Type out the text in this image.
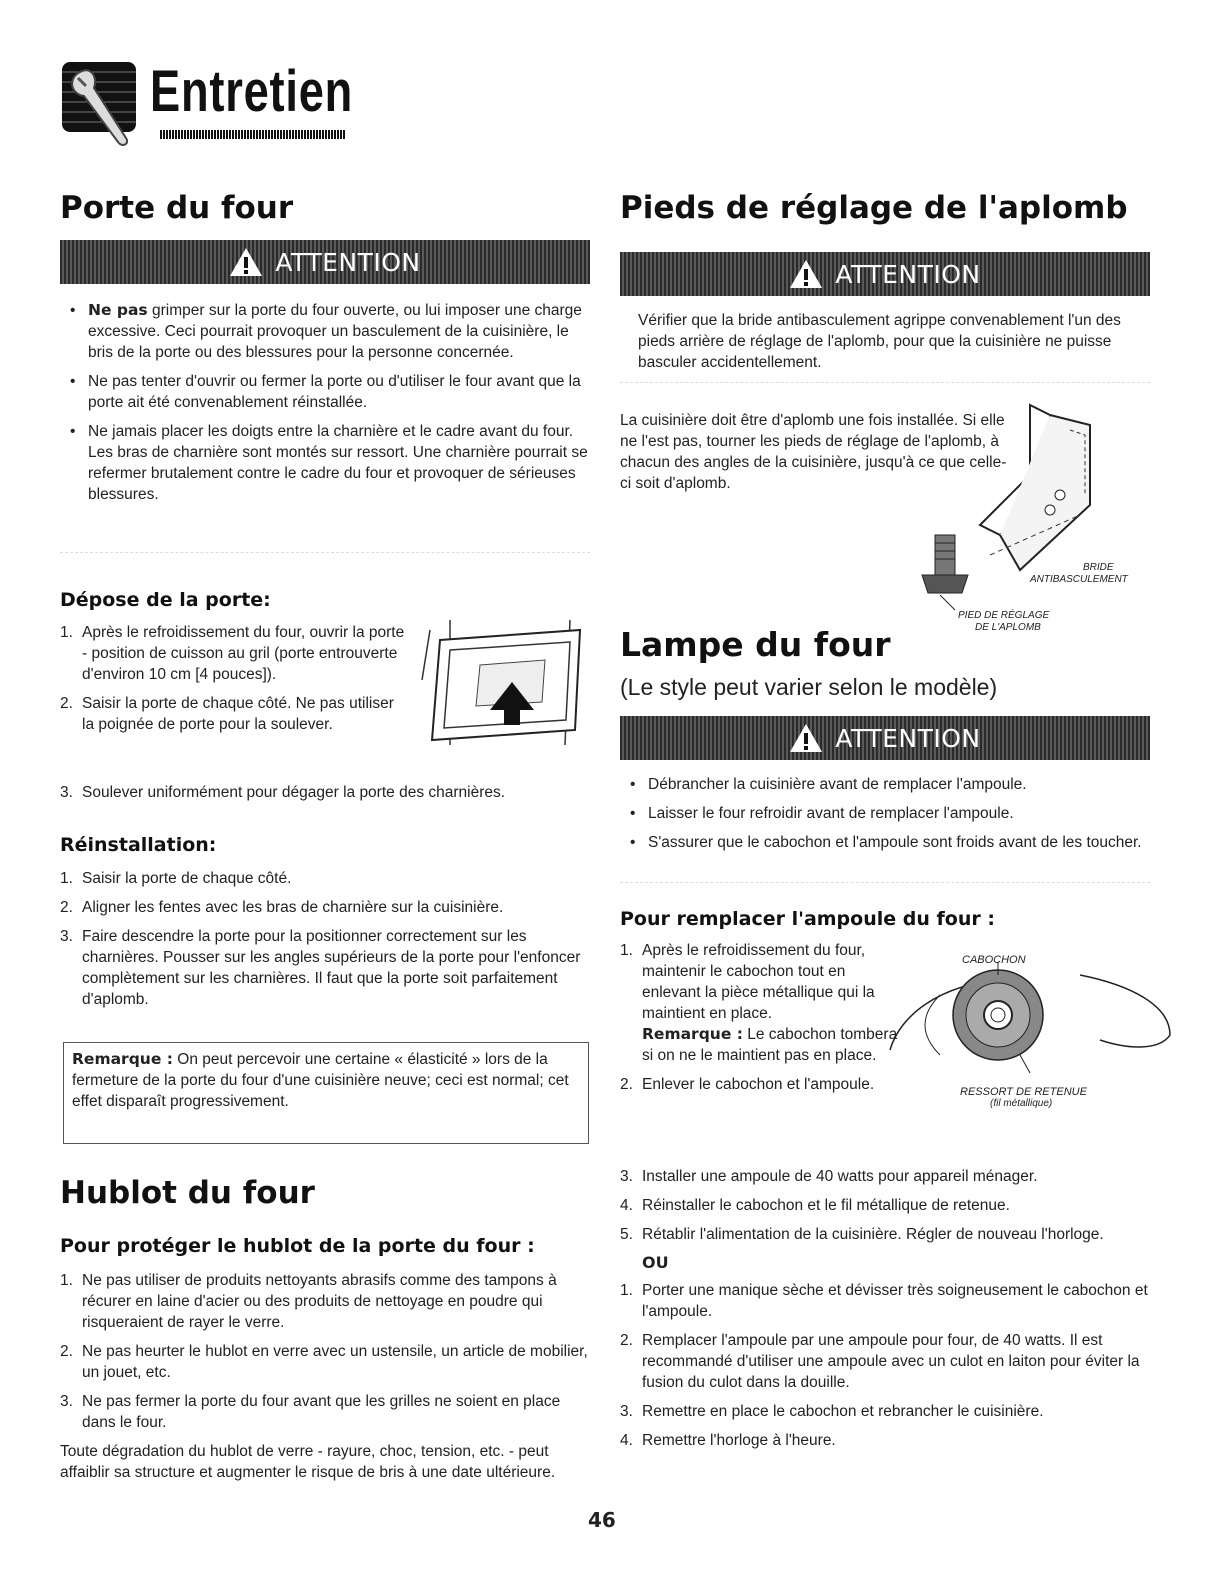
Entretien
Porte du four
ATTENTION
• Ne pas grimper sur la porte du four ouverte, ou lui imposer une charge excessive. Ceci pourrait provoquer un basculement de la cuisinière, le bris de la porte ou des blessures pour la personne concernée.
• Ne pas tenter d'ouvrir ou fermer la porte ou d'utiliser le four avant que la porte ait été convenablement réinstallée.
• Ne jamais placer les doigts entre la charnière et le cadre avant du four. Les bras de charnière sont montés sur ressort. Une charnière pourrait se refermer brutalement contre le cadre du four et provoquer de sérieuses blessures.
Dépose de la porte:
1. Après le refroidissement du four, ouvrir la porte - position de cuisson au gril (porte entrouverte d'environ 10 cm [4 pouces]).
2. Saisir la porte de chaque côté. Ne pas utiliser la poignée de porte pour la soulever.
3. Soulever uniformément pour dégager la porte des charnières.
Réinstallation:
1. Saisir la porte de chaque côté.
2. Aligner les fentes avec les bras de charnière sur la cuisinière.
3. Faire descendre la porte pour la positionner correctement sur les charnières. Pousser sur les angles supérieurs de la porte pour l'enfoncer complètement sur les charnières. Il faut que la porte soit parfaitement d'aplomb.
Remarque : On peut percevoir une certaine « élasticité » lors de la fermeture de la porte du four d'une cuisinière neuve; ceci est normal; cet effet disparaît progressivement.
Hublot du four
Pour protéger le hublot de la porte du four :
1. Ne pas utiliser de produits nettoyants abrasifs comme des tampons à récurer en laine d'acier ou des produits de nettoyage en poudre qui risqueraient de rayer le verre.
2. Ne pas heurter le hublot en verre avec un ustensile, un article de mobilier, un jouet, etc.
3. Ne pas fermer la porte du four avant que les grilles ne soient en place dans le four.
Toute dégradation du hublot de verre - rayure, choc, tension, etc. - peut affaiblir sa structure et augmenter le risque de bris à une date ultérieure.
Pieds de réglage de l'aplomb
ATTENTION
Vérifier que la bride antibasculement agrippe convenablement l'un des pieds arrière de réglage de l'aplomb, pour que la cuisinière ne puisse basculer accidentellement.
La cuisinière doit être d'aplomb une fois installée. Si elle ne l'est pas, tourner les pieds de réglage de l'aplomb, à chacun des angles de la cuisinière, jusqu'à ce que celle-ci soit d'aplomb.
BRIDE
ANTIBASCULEMENT
PIED DE RÉGLAGE
DE L'APLOMB
Lampe du four
(Le style peut varier selon le modèle)
ATTENTION
• Débrancher la cuisinière avant de remplacer l'ampoule.
• Laisser le four refroidir avant de remplacer l'ampoule.
• S'assurer que le cabochon et l'ampoule sont froids avant de les toucher.
Pour remplacer l'ampoule du four :
1. Après le refroidissement du four, maintenir le cabochon tout en enlevant la pièce métallique qui la maintient en place.
Remarque : Le cabochon tombera si on ne le maintient pas en place.
2. Enlever le cabochon et l'ampoule.
CABOCHON
RESSORT DE RETENUE
(fil métallique)
3. Installer une ampoule de 40 watts pour appareil ménager.
4. Réinstaller le cabochon et le fil métallique de retenue.
5. Rétablir l'alimentation de la cuisinière. Régler de nouveau l'horloge.
OU
1. Porter une manique sèche et dévisser très soigneusement le cabochon et l'ampoule.
2. Remplacer l'ampoule par une ampoule pour four, de 40 watts. Il est recommandé d'utiliser une ampoule avec un culot en laiton pour éviter la fusion du culot dans la douille.
3. Remettre en place le cabochon et rebrancher le cuisinière.
4. Remettre l'horloge à l'heure.
46
